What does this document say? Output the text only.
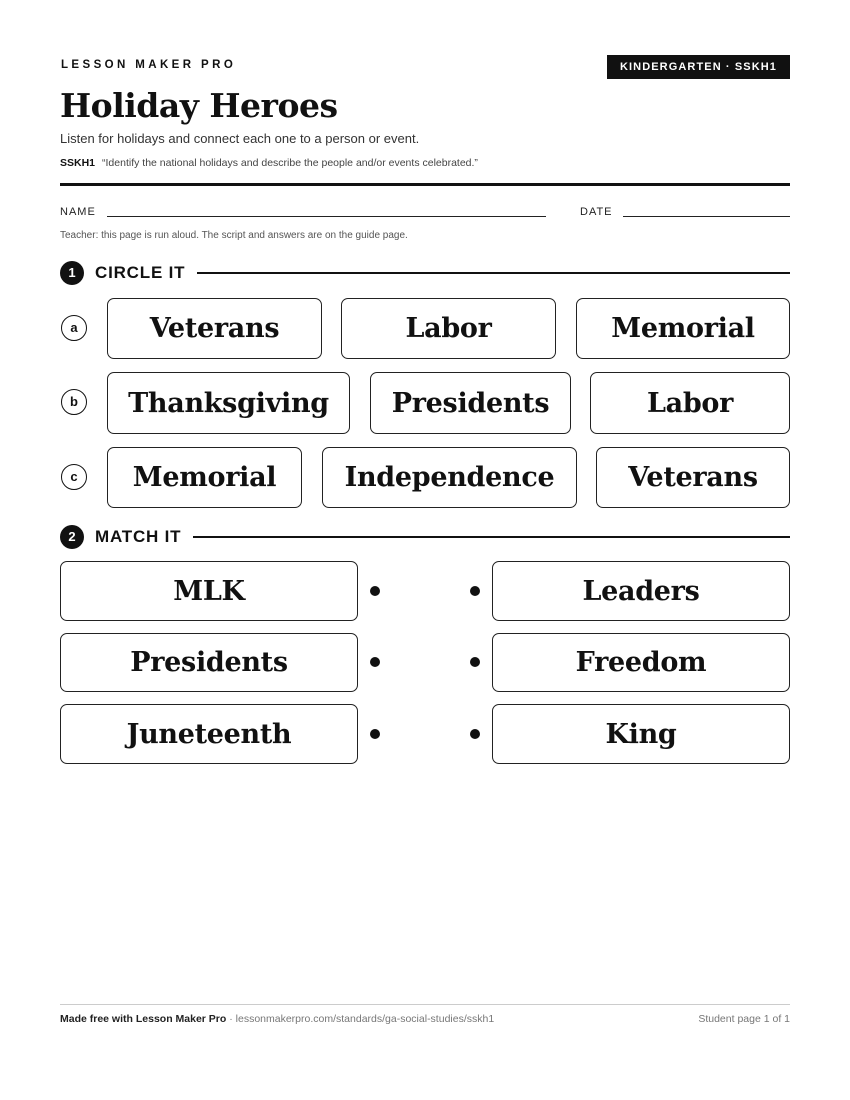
LESSON MAKER PRO	KINDERGARTEN · SSKH1
Holiday Heroes
Listen for holidays and connect each one to a person or event.
SSKH1 “Identify the national holidays and describe the people and/or events celebrated.”
NAME	DATE
Teacher: this page is run aloud. The script and answers are on the guide page.
1	CIRCLE IT
a	Veterans	Labor	Memorial
b	Thanksgiving	Presidents	Labor
c	Memorial	Independence	Veterans
2	MATCH IT
MLK	Leaders
Presidents	Freedom
Juneteenth	King
Made free with Lesson Maker Pro · lessonmakerpro.com/standards/ga-social-studies/sskh1	Student page 1 of 1
